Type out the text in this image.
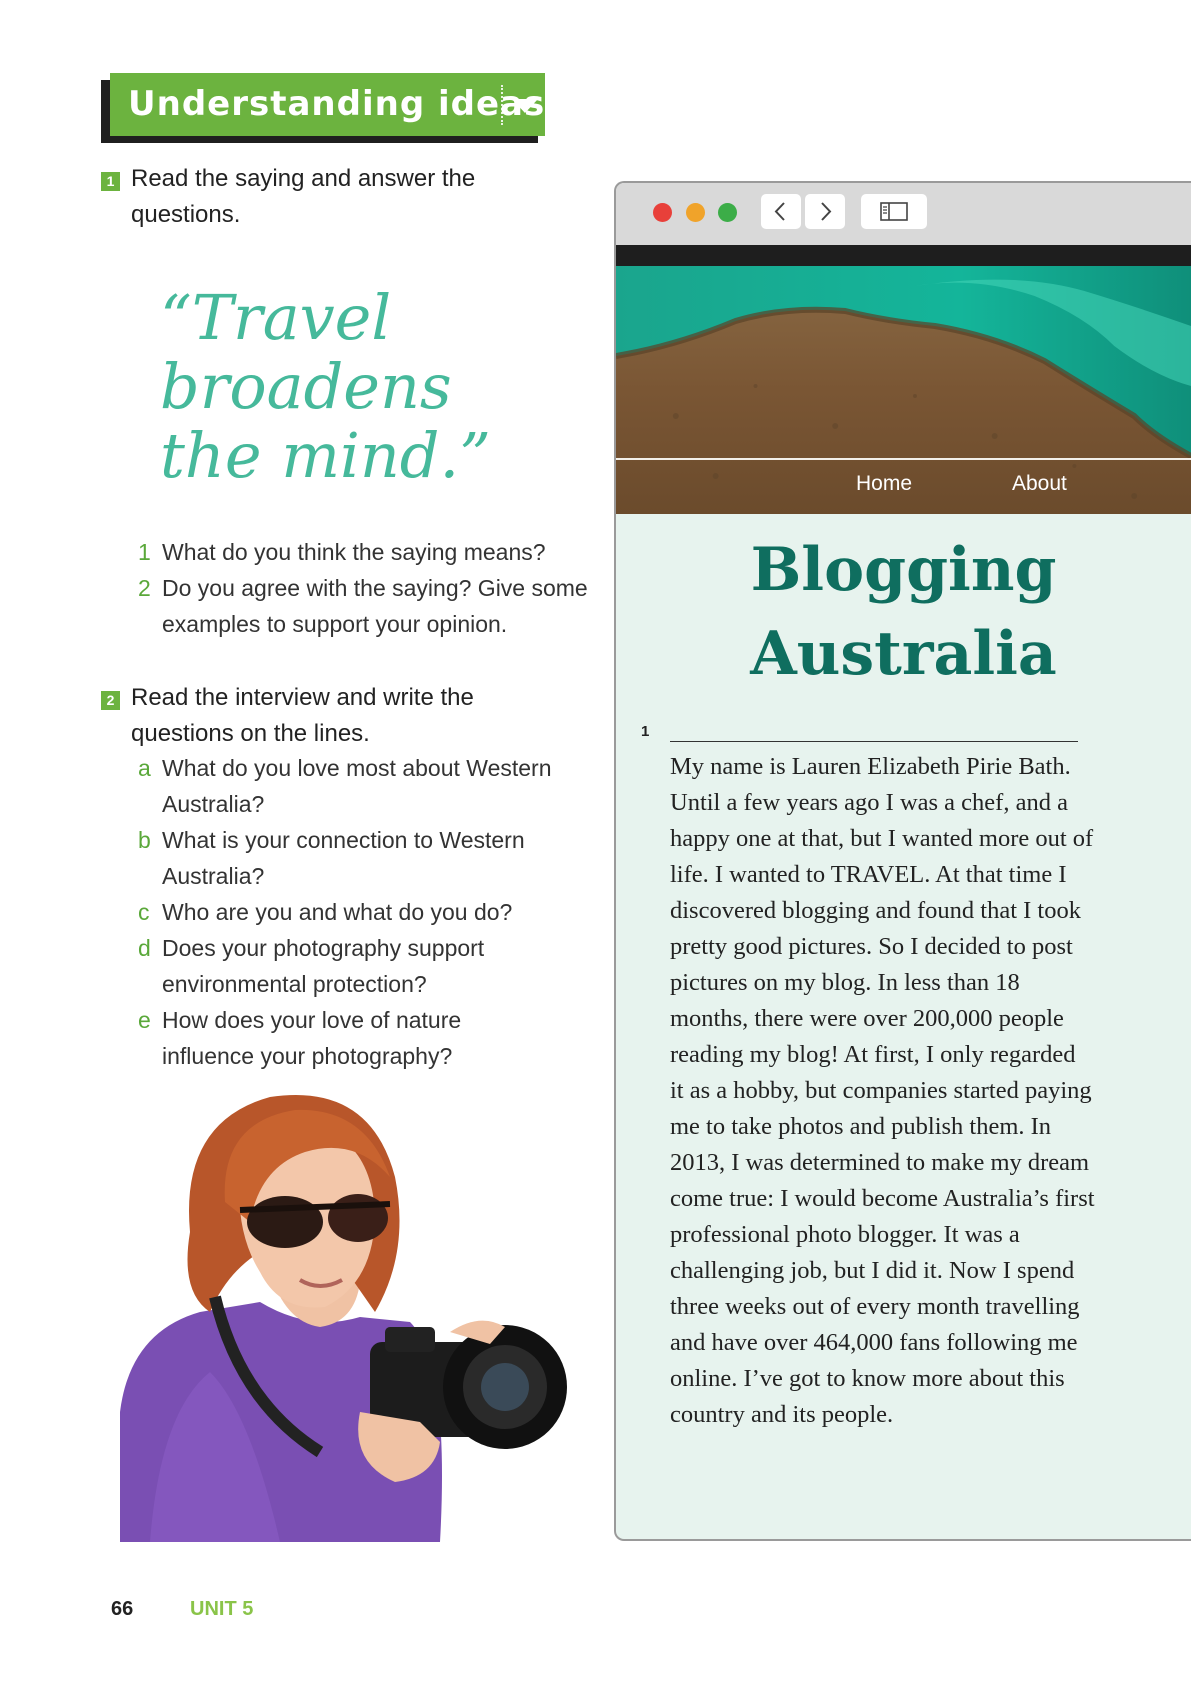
Understanding ideas
1 Read the saying and answer the
questions.
“Travel
broadens
the mind.”
1 What do you think the saying means?
2 Do you agree with the saying? Give some examples to support your opinion.
2 Read the interview and write the
questions on the lines.
a What do you love most about Western Australia?
b What is your connection to Western Australia?
c Who are you and what do you do?
d Does your photography support environmental protection?
e How does your love of nature influence your photography?
Home	About
Blogging
Australia
1
My name is Lauren Elizabeth Pirie Bath. Until a few years ago I was a chef, and a happy one at that, but I wanted more out of life. I wanted to TRAVEL. At that time I discovered blogging and found that I took pretty good pictures. So I decided to post pictures on my blog. In less than 18 months, there were over 200,000 people reading my blog! At first, I only regarded it as a hobby, but companies started paying me to take photos and publish them. In 2013, I was determined to make my dream come true: I would become Australia’s first professional photo blogger. It was a challenging job, but I did it. Now I spend three weeks out of every month travelling and have over 464,000 fans following me online. I’ve got to know more about this country and its people.
66	UNIT 5
